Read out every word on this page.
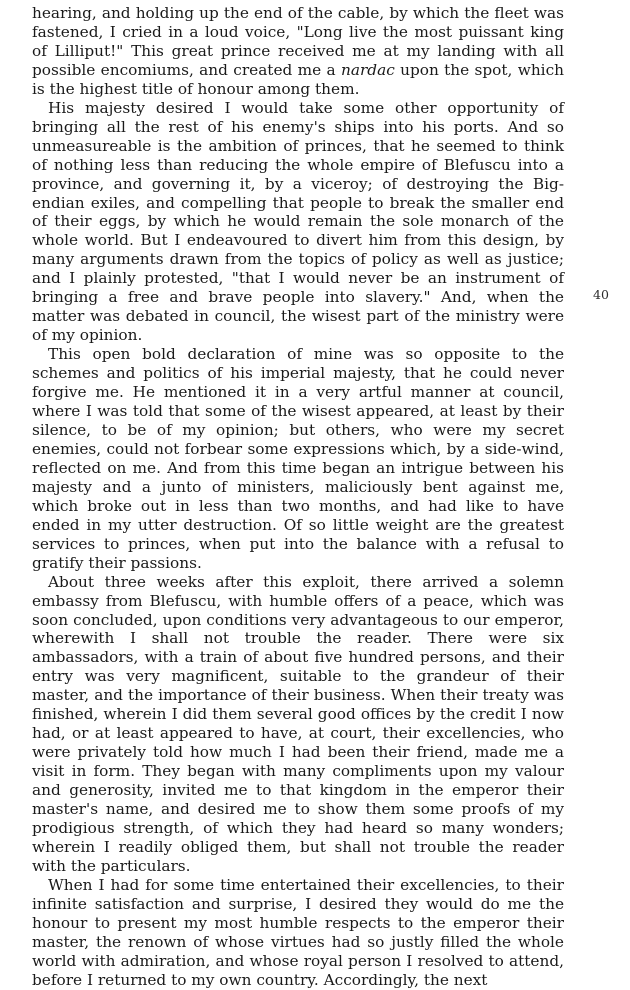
hearing, and holding up the end of the cable, by which the fleet was fastened, I cried in a loud voice, "Long live the most puissant king of Lilliput!" This great prince received me at my landing with all possible encomiums, and created me a nardac upon the spot, which is the highest title of honour among them.

His majesty desired I would take some other opportunity of bringing all the rest of his enemy's ships into his ports. And so unmeasureable is the ambition of princes, that he seemed to think of nothing less than reducing the whole empire of Blefuscu into a province, and governing it, by a viceroy; of destroying the Big-endian exiles, and compelling that people to break the smaller end of their eggs, by which he would remain the sole monarch of the whole world. But I endeavoured to divert him from this design, by many arguments drawn from the topics of policy as well as justice; and I plainly protested, "that I would never be an instrument of bringing a free and brave people into slavery." And, when the matter was debated in council, the wisest part of the ministry were of my opinion.

This open bold declaration of mine was so opposite to the schemes and politics of his imperial majesty, that he could never forgive me. He mentioned it in a very artful manner at council, where I was told that some of the wisest appeared, at least by their silence, to be of my opinion; but others, who were my secret enemies, could not forbear some expressions which, by a side-wind, reflected on me. And from this time began an intrigue between his majesty and a junto of ministers, maliciously bent against me, which broke out in less than two months, and had like to have ended in my utter destruction. Of so little weight are the greatest services to princes, when put into the balance with a refusal to gratify their passions.

About three weeks after this exploit, there arrived a solemn embassy from Blefuscu, with humble offers of a peace, which was soon concluded, upon conditions very advantageous to our emperor, wherewith I shall not trouble the reader. There were six ambassadors, with a train of about five hundred persons, and their entry was very magnificent, suitable to the grandeur of their master, and the importance of their business. When their treaty was finished, wherein I did them several good offices by the credit I now had, or at least appeared to have, at court, their excellencies, who were privately told how much I had been their friend, made me a visit in form. They began with many compliments upon my valour and generosity, invited me to that kingdom in the emperor their master's name, and desired me to show them some proofs of my prodigious strength, of which they had heard so many wonders; wherein I readily obliged them, but shall not trouble the reader with the particulars.

When I had for some time entertained their excellencies, to their infinite satisfaction and surprise, I desired they would do me the honour to present my most humble respects to the emperor their master, the renown of whose virtues had so justly filled the whole world with admiration, and whose royal person I resolved to attend, before I returned to my own country. Accordingly, the next

40
